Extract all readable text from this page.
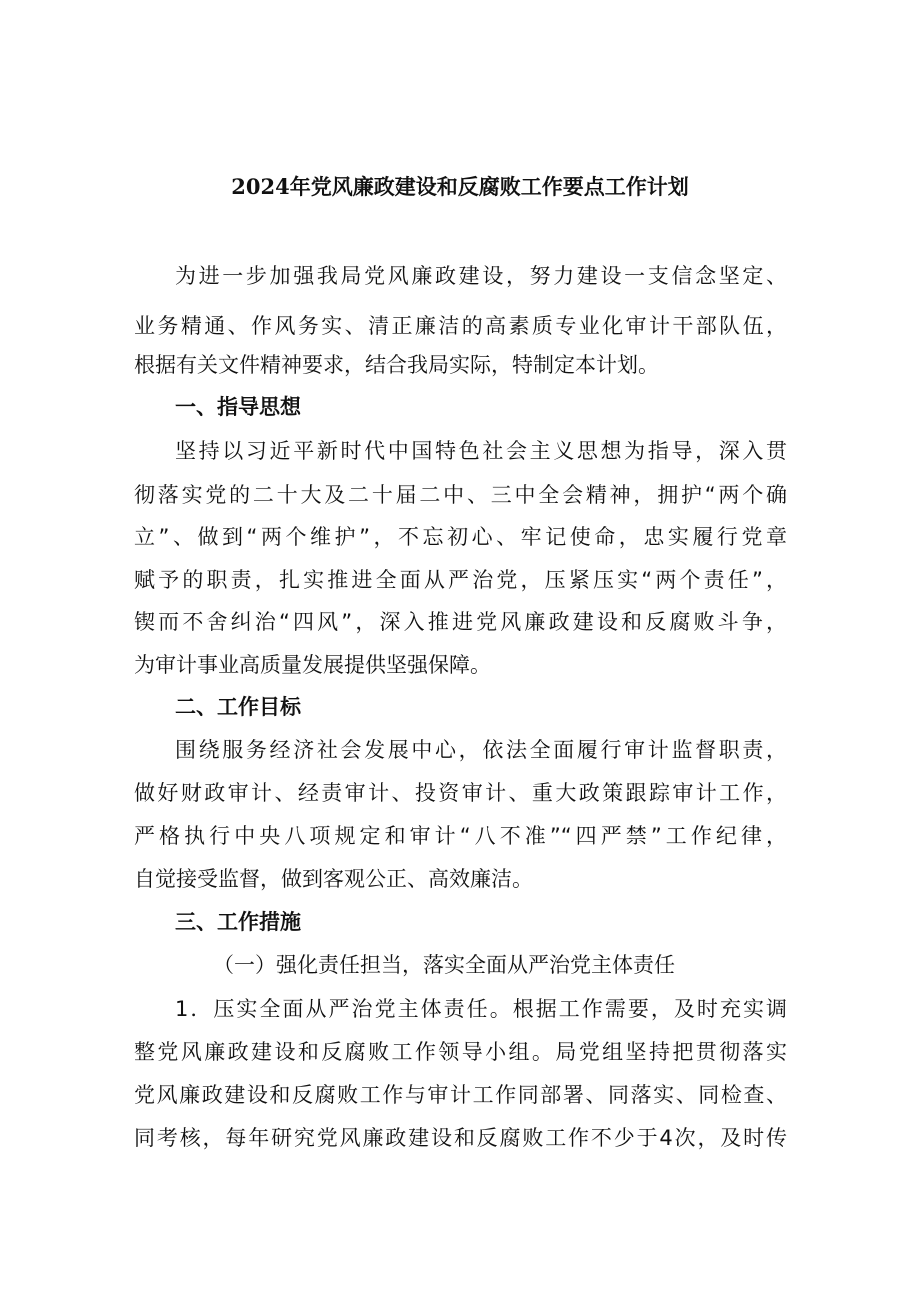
2024年党风廉政建设和反腐败工作要点工作计划
为进一步加强我局党风廉政建设，努力建设一支信念坚定、
业务精通、作风务实、清正廉洁的高素质专业化审计干部队伍，
根据有关文件精神要求，结合我局实际，特制定本计划。
一、指导思想
坚持以习近平新时代中国特色社会主义思想为指导，深入贯
彻落实党的二十大及二十届二中、三中全会精神，拥护“两个确
立”、做到“两个维护”，不忘初心、牢记使命，忠实履行党章
赋予的职责，扎实推进全面从严治党，压紧压实“两个责任”，
锲而不舍纠治“四风”，深入推进党风廉政建设和反腐败斗争，
为审计事业高质量发展提供坚强保障。
二、工作目标
围绕服务经济社会发展中心，依法全面履行审计监督职责，
做好财政审计、经责审计、投资审计、重大政策跟踪审计工作，
严格执行中央八项规定和审计“八不准”“四严禁”工作纪律，
自觉接受监督，做到客观公正、高效廉洁。
三、工作措施
（一）强化责任担当，落实全面从严治党主体责任
1．压实全面从严治党主体责任。根据工作需要，及时充实调
整党风廉政建设和反腐败工作领导小组。局党组坚持把贯彻落实
党风廉政建设和反腐败工作与审计工作同部署、同落实、同检查、
同考核，每年研究党风廉政建设和反腐败工作不少于4次，及时传
